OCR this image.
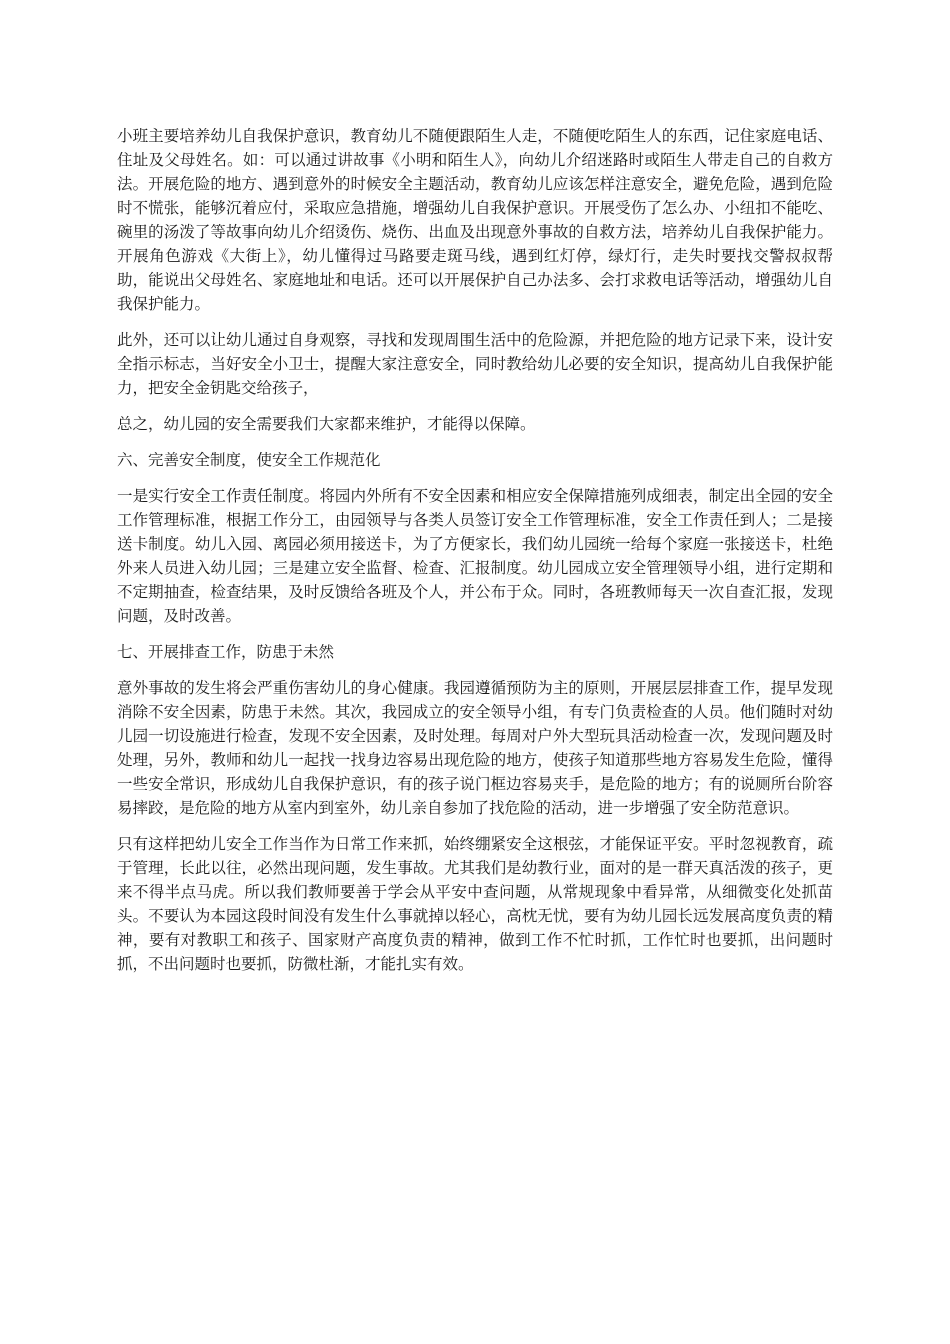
小班主要培养幼儿自我保护意识，教育幼儿不随便跟陌生人走，不随便吃陌生人的东西，记住家庭电话、住址及父母姓名。如：可以通过讲故事《小明和陌生人》，向幼儿介绍迷路时或陌生人带走自己的自救方法。开展危险的地方、遇到意外的时候安全主题活动，教育幼儿应该怎样注意安全，避免危险，遇到危险时不慌张，能够沉着应付，采取应急措施，增强幼儿自我保护意识。开展受伤了怎么办、小纽扣不能吃、碗里的汤泼了等故事向幼儿介绍烫伤、烧伤、出血及出现意外事故的自救方法，培养幼儿自我保护能力。开展角色游戏《大街上》，幼儿懂得过马路要走斑马线，遇到红灯停，绿灯行，走失时要找交警叔叔帮助，能说出父母姓名、家庭地址和电话。还可以开展保护自己办法多、会打求救电话等活动，增强幼儿自我保护能力。

此外，还可以让幼儿通过自身观察，寻找和发现周围生活中的危险源，并把危险的地方记录下来，设计安全指示标志，当好安全小卫士，提醒大家注意安全，同时教给幼儿必要的安全知识，提高幼儿自我保护能力，把安全金钥匙交给孩子，

总之，幼儿园的安全需要我们大家都来维护，才能得以保障。

六、完善安全制度，使安全工作规范化

一是实行安全工作责任制度。将园内外所有不安全因素和相应安全保障措施列成细表，制定出全园的安全工作管理标准，根据工作分工，由园领导与各类人员签订安全工作管理标准，安全工作责任到人；二是接送卡制度。幼儿入园、离园必须用接送卡，为了方便家长，我们幼儿园统一给每个家庭一张接送卡，杜绝外来人员进入幼儿园；三是建立安全监督、检查、汇报制度。幼儿园成立安全管理领导小组，进行定期和不定期抽查，检查结果，及时反馈给各班及个人，并公布于众。同时，各班教师每天一次自查汇报，发现问题，及时改善。

七、开展排查工作，防患于未然

意外事故的发生将会严重伤害幼儿的身心健康。我园遵循预防为主的原则，开展层层排查工作，提早发现消除不安全因素，防患于未然。其次，我园成立的安全领导小组，有专门负责检查的人员。他们随时对幼儿园一切设施进行检查，发现不安全因素，及时处理。每周对户外大型玩具活动检查一次，发现问题及时处理，另外，教师和幼儿一起找一找身边容易出现危险的地方，使孩子知道那些地方容易发生危险，懂得一些安全常识，形成幼儿自我保护意识，有的孩子说门框边容易夹手，是危险的地方；有的说厕所台阶容易摔跤，是危险的地方从室内到室外，幼儿亲自参加了找危险的活动，进一步增强了安全防范意识。

只有这样把幼儿安全工作当作为日常工作来抓，始终绷紧安全这根弦，才能保证平安。平时忽视教育，疏于管理，长此以往，必然出现问题，发生事故。尤其我们是幼教行业，面对的是一群天真活泼的孩子，更来不得半点马虎。所以我们教师要善于学会从平安中查问题，从常规现象中看异常，从细微变化处抓苗头。不要认为本园这段时间没有发生什么事就掉以轻心，高枕无忧，要有为幼儿园长远发展高度负责的精神，要有对教职工和孩子、国家财产高度负责的精神，做到工作不忙时抓，工作忙时也要抓，出问题时抓，不出问题时也要抓，防微杜渐，才能扎实有效。
